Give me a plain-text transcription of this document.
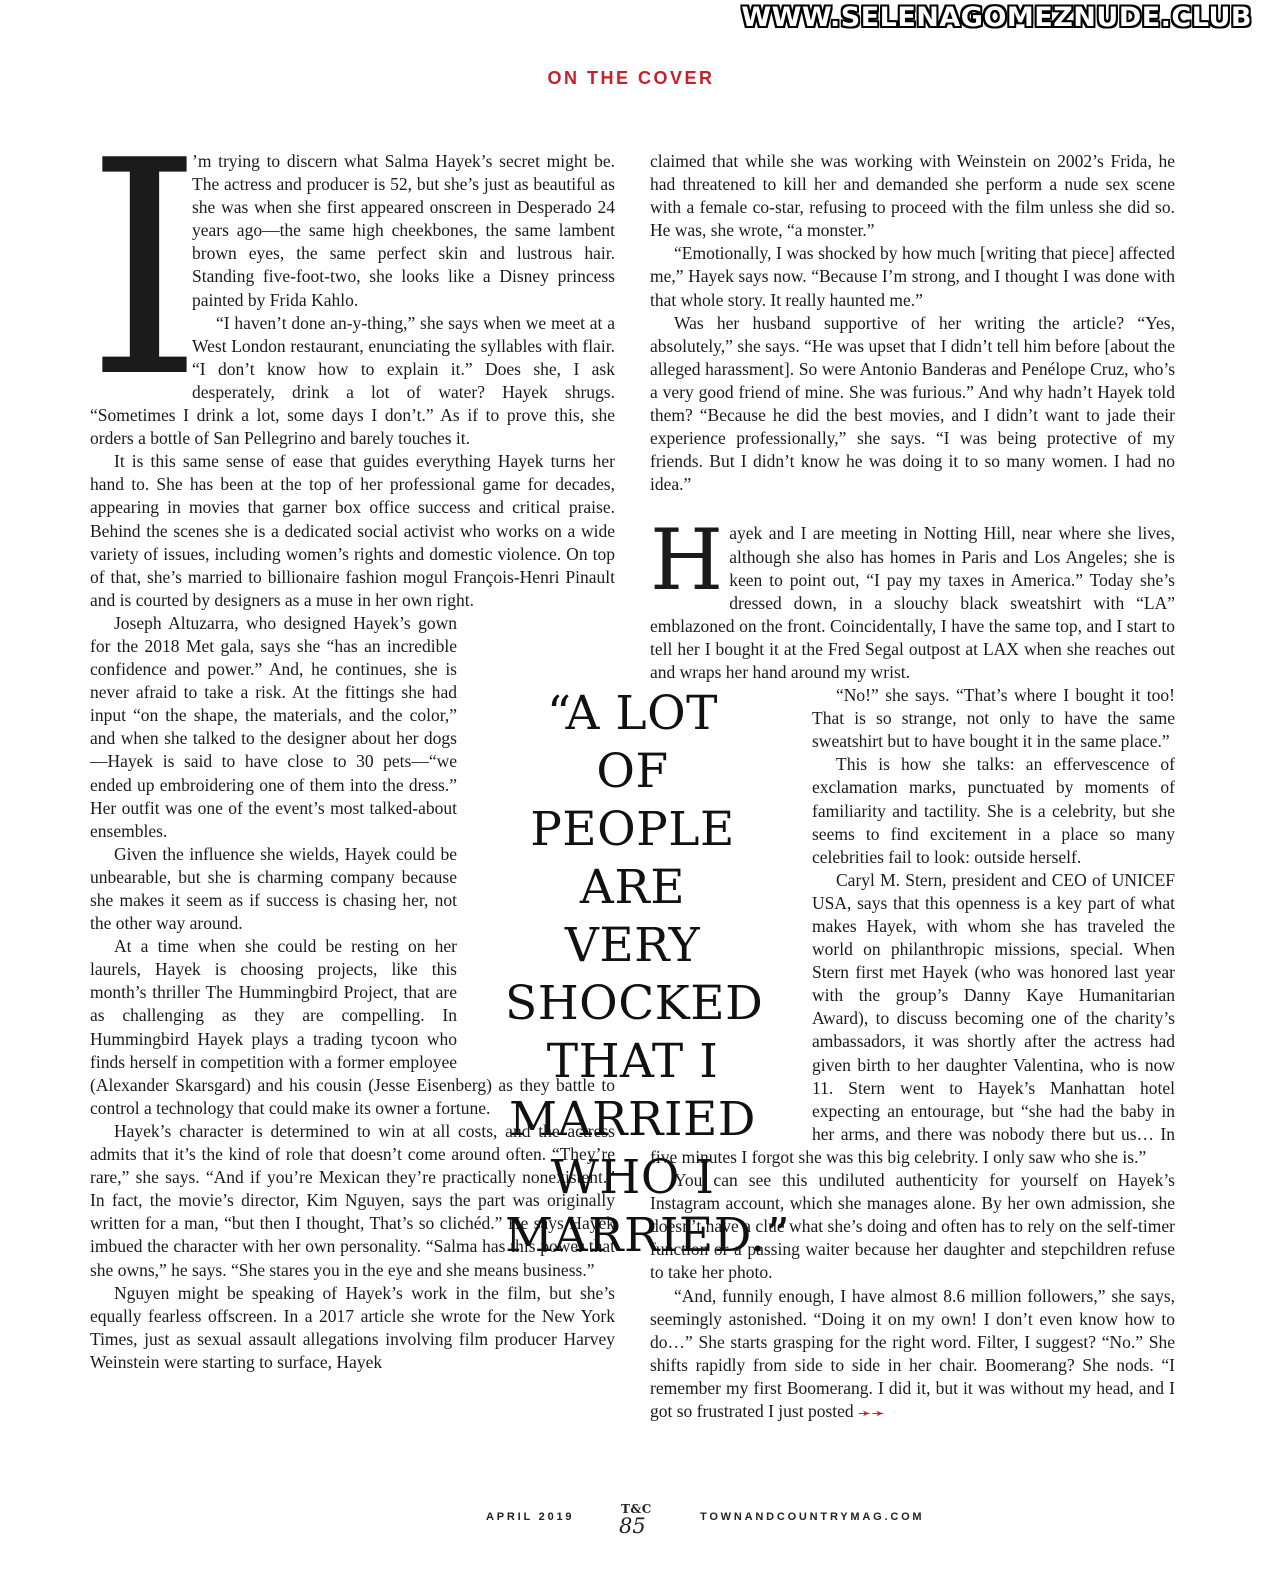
WWW.SELENAGOMEZNUDE.CLUB
ON THE COVER
I

’m trying to discern what Salma Hayek’s secret might be. The actress and producer is 52, but she’s just as beautiful as she was when she first appeared onscreen in Desperado 24 years ago—the same high cheekbones, the same lambent brown eyes, the same perfect skin and lustrous hair. Standing five-foot-two, she looks like a Disney princess painted by Frida Kahlo.

“I haven’t done an-y-thing,” she says when we meet at a West London restaurant, enunciating the syllables with flair. “I don’t know how to explain it.” Does she, I ask desperately, drink a lot of water? Hayek shrugs. “Sometimes I drink a lot, some days I don’t.” As if to prove this, she orders a bottle of San Pellegrino and barely touches it.

It is this same sense of ease that guides everything Hayek turns her hand to. She has been at the top of her professional game for decades, appearing in movies that garner box office success and critical praise. Behind the scenes she is a dedicated social activist who works on a wide variety of issues, including women’s rights and domestic violence. On top of that, she’s married to billionaire fashion mogul François-Henri Pinault and is courted by designers as a muse in her own right.

Joseph Altuzarra, who designed Hayek’s gown for the 2018 Met gala, says she “has an incredible confidence and power.” And, he continues, she is never afraid to take a risk. At the fittings she had input “on the shape, the materials, and the color,” and when she talked to the designer about her dogs—Hayek is said to have close to 30 pets—“we ended up embroidering one of them into the dress.” Her outfit was one of the event’s most talked-about ensembles.

Given the influence she wields, Hayek could be unbearable, but she is charming company because she makes it seem as if success is chasing her, not the other way around.

At a time when she could be resting on her laurels, Hayek is choosing projects, like this month’s thriller The Hummingbird Project, that are as challenging as they are compelling. In Hummingbird Hayek plays a trading tycoon who finds herself in competition with a former employee (Alexander Skarsgard) and his cousin (Jesse Eisenberg) as they battle to control a technology that could make its owner a fortune.

Hayek’s character is determined to win at all costs, and the actress admits that it’s the kind of role that doesn’t come around often. “They’re rare,” she says. “And if you’re Mexican they’re practically nonexistent.” In fact, the movie’s director, Kim Nguyen, says the part was originally written for a man, “but then I thought, That’s so clichéd.” He says Hayek imbued the character with her own personality. “Salma has this power that she owns,” he says. “She stares you in the eye and she means business.”

Nguyen might be speaking of Hayek’s work in the film, but she’s equally fearless offscreen. In a 2017 article she wrote for the New York Times, just as sexual assault allegations involving film producer Harvey Weinstein were starting to surface, Hayek

claimed that while she was working with Weinstein on 2002’s Frida, he had threatened to kill her and demanded she perform a nude sex scene with a female co-star, refusing to proceed with the film unless she did so. He was, she wrote, “a monster.”

“Emotionally, I was shocked by how much [writing that piece] affected me,” Hayek says now. “Because I’m strong, and I thought I was done with that whole story. It really haunted me.”

Was her husband supportive of her writing the article? “Yes, absolutely,” she says. “He was upset that I didn’t tell him before [about the alleged harassment]. So were Antonio Banderas and Penélope Cruz, who’s a very good friend of mine. She was furious.” And why hadn’t Hayek told them? “Because he did the best movies, and I didn’t want to jade their experience professionally,” she says. “I was being protective of my friends. But I didn’t know he was doing it to so many women. I had no idea.”

H ayek and I are meeting in Notting Hill, near where she lives, although she also has homes in Paris and Los Angeles; she is keen to point out, “I pay my taxes in America.” Today she’s dressed down, in a slouchy black sweatshirt with “LA” emblazoned on the front. Coincidentally, I have the same top, and I start to tell her I bought it at the Fred Segal outpost at LAX when she reaches out and wraps her hand around my wrist.

“No!” she says. “That’s where I bought it too! That is so strange, not only to have the same sweatshirt but to have bought it in the same place.”

This is how she talks: an effervescence of exclamation marks, punctuated by moments of familiarity and tactility. She is a celebrity, but she seems to find excitement in a place so many celebrities fail to look: outside herself.

Caryl M. Stern, president and CEO of UNICEF USA, says that this openness is a key part of what makes Hayek, with whom she has traveled the world on philanthropic missions, special. When Stern first met Hayek (who was honored last year with the group’s Danny Kaye Humanitarian Award), to discuss becoming one of the charity’s ambassadors, it was shortly after the actress had given birth to her daughter Valentina, who is now 11. Stern went to Hayek’s Manhattan hotel expecting an entourage, but “she had the baby in her arms, and there was nobody there but us… In five minutes I forgot she was this big celebrity. I only saw who she is.”

You can see this undiluted authenticity for yourself on Hayek’s Instagram account, which she manages alone. By her own admission, she doesn’t have a clue what she’s doing and often has to rely on the self-timer function or a passing waiter because her daughter and stepchildren refuse to take her photo.

“And, funnily enough, I have almost 8.6 million followers,” she says, seemingly astonished. “Doing it on my own! I don’t even know how to do…” She starts grasping for the right word. Filter, I suggest? “No.” She shifts rapidly from side to side in her chair. Boomerang? She nods. “I remember my first Boomerang. I did it, but it was without my head, and I got so frustrated I just posted ➛➛

“A LOT OF PEOPLE ARE VERY SHOCKED THAT I MARRIED WHO I MARRIED.”
APRIL 2019
T&C
85	TOWNANDCOUNTRYMAG.COM
